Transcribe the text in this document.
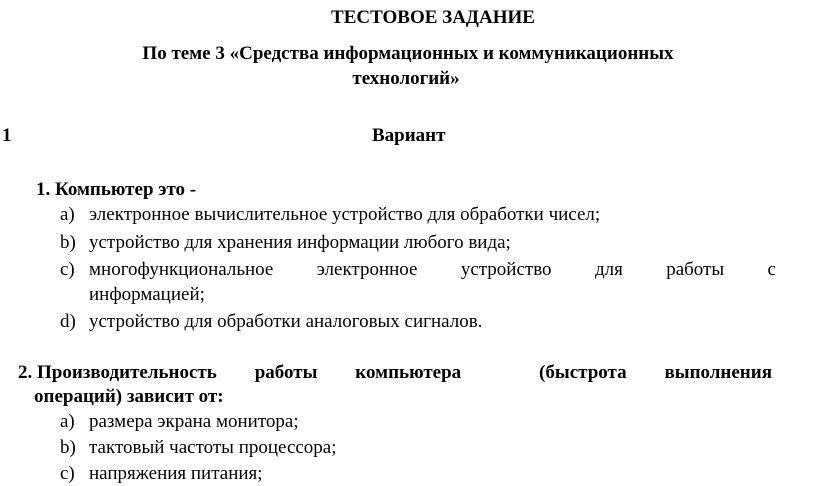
ТЕСТОВОЕ ЗАДАНИЕ
По теме 3 «Средства информационных и коммуникационных
технологий»
1	Вариант
1. Компьютер это -
a) электронное вычислительное устройство для обработки чисел;
b) устройство для хранения информации любого вида;
c) многофункциональное электронное устройство для работы с
информацией;
d) устройство для обработки аналоговых сигналов.
2. Производительность работы компьютера	(быстрота выполнения
операций) зависит от:
a) размера экрана монитора;
b) тактовый частоты процессора;
c) напряжения питания;
